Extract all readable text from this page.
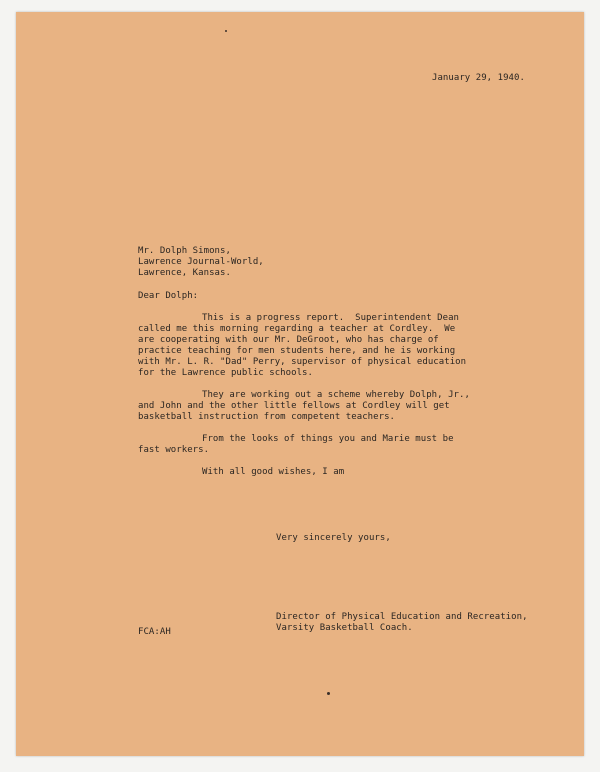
January 29, 1940.
Mr. Dolph Simons,
Lawrence Journal-World,
Lawrence, Kansas.
Dear Dolph:
This is a progress report.  Superintendent Dean
called me this morning regarding a teacher at Cordley.  We
are cooperating with our Mr. DeGroot, who has charge of
practice teaching for men students here, and he is working
with Mr. L. R. "Dad" Perry, supervisor of physical education
for the Lawrence public schools.
They are working out a scheme whereby Dolph, Jr.,
and John and the other little fellows at Cordley will get
basketball instruction from competent teachers.
From the looks of things you and Marie must be
fast workers.
With all good wishes, I am
Very sincerely yours,
Director of Physical Education and Recreation,
Varsity Basketball Coach.
FCA:AH
